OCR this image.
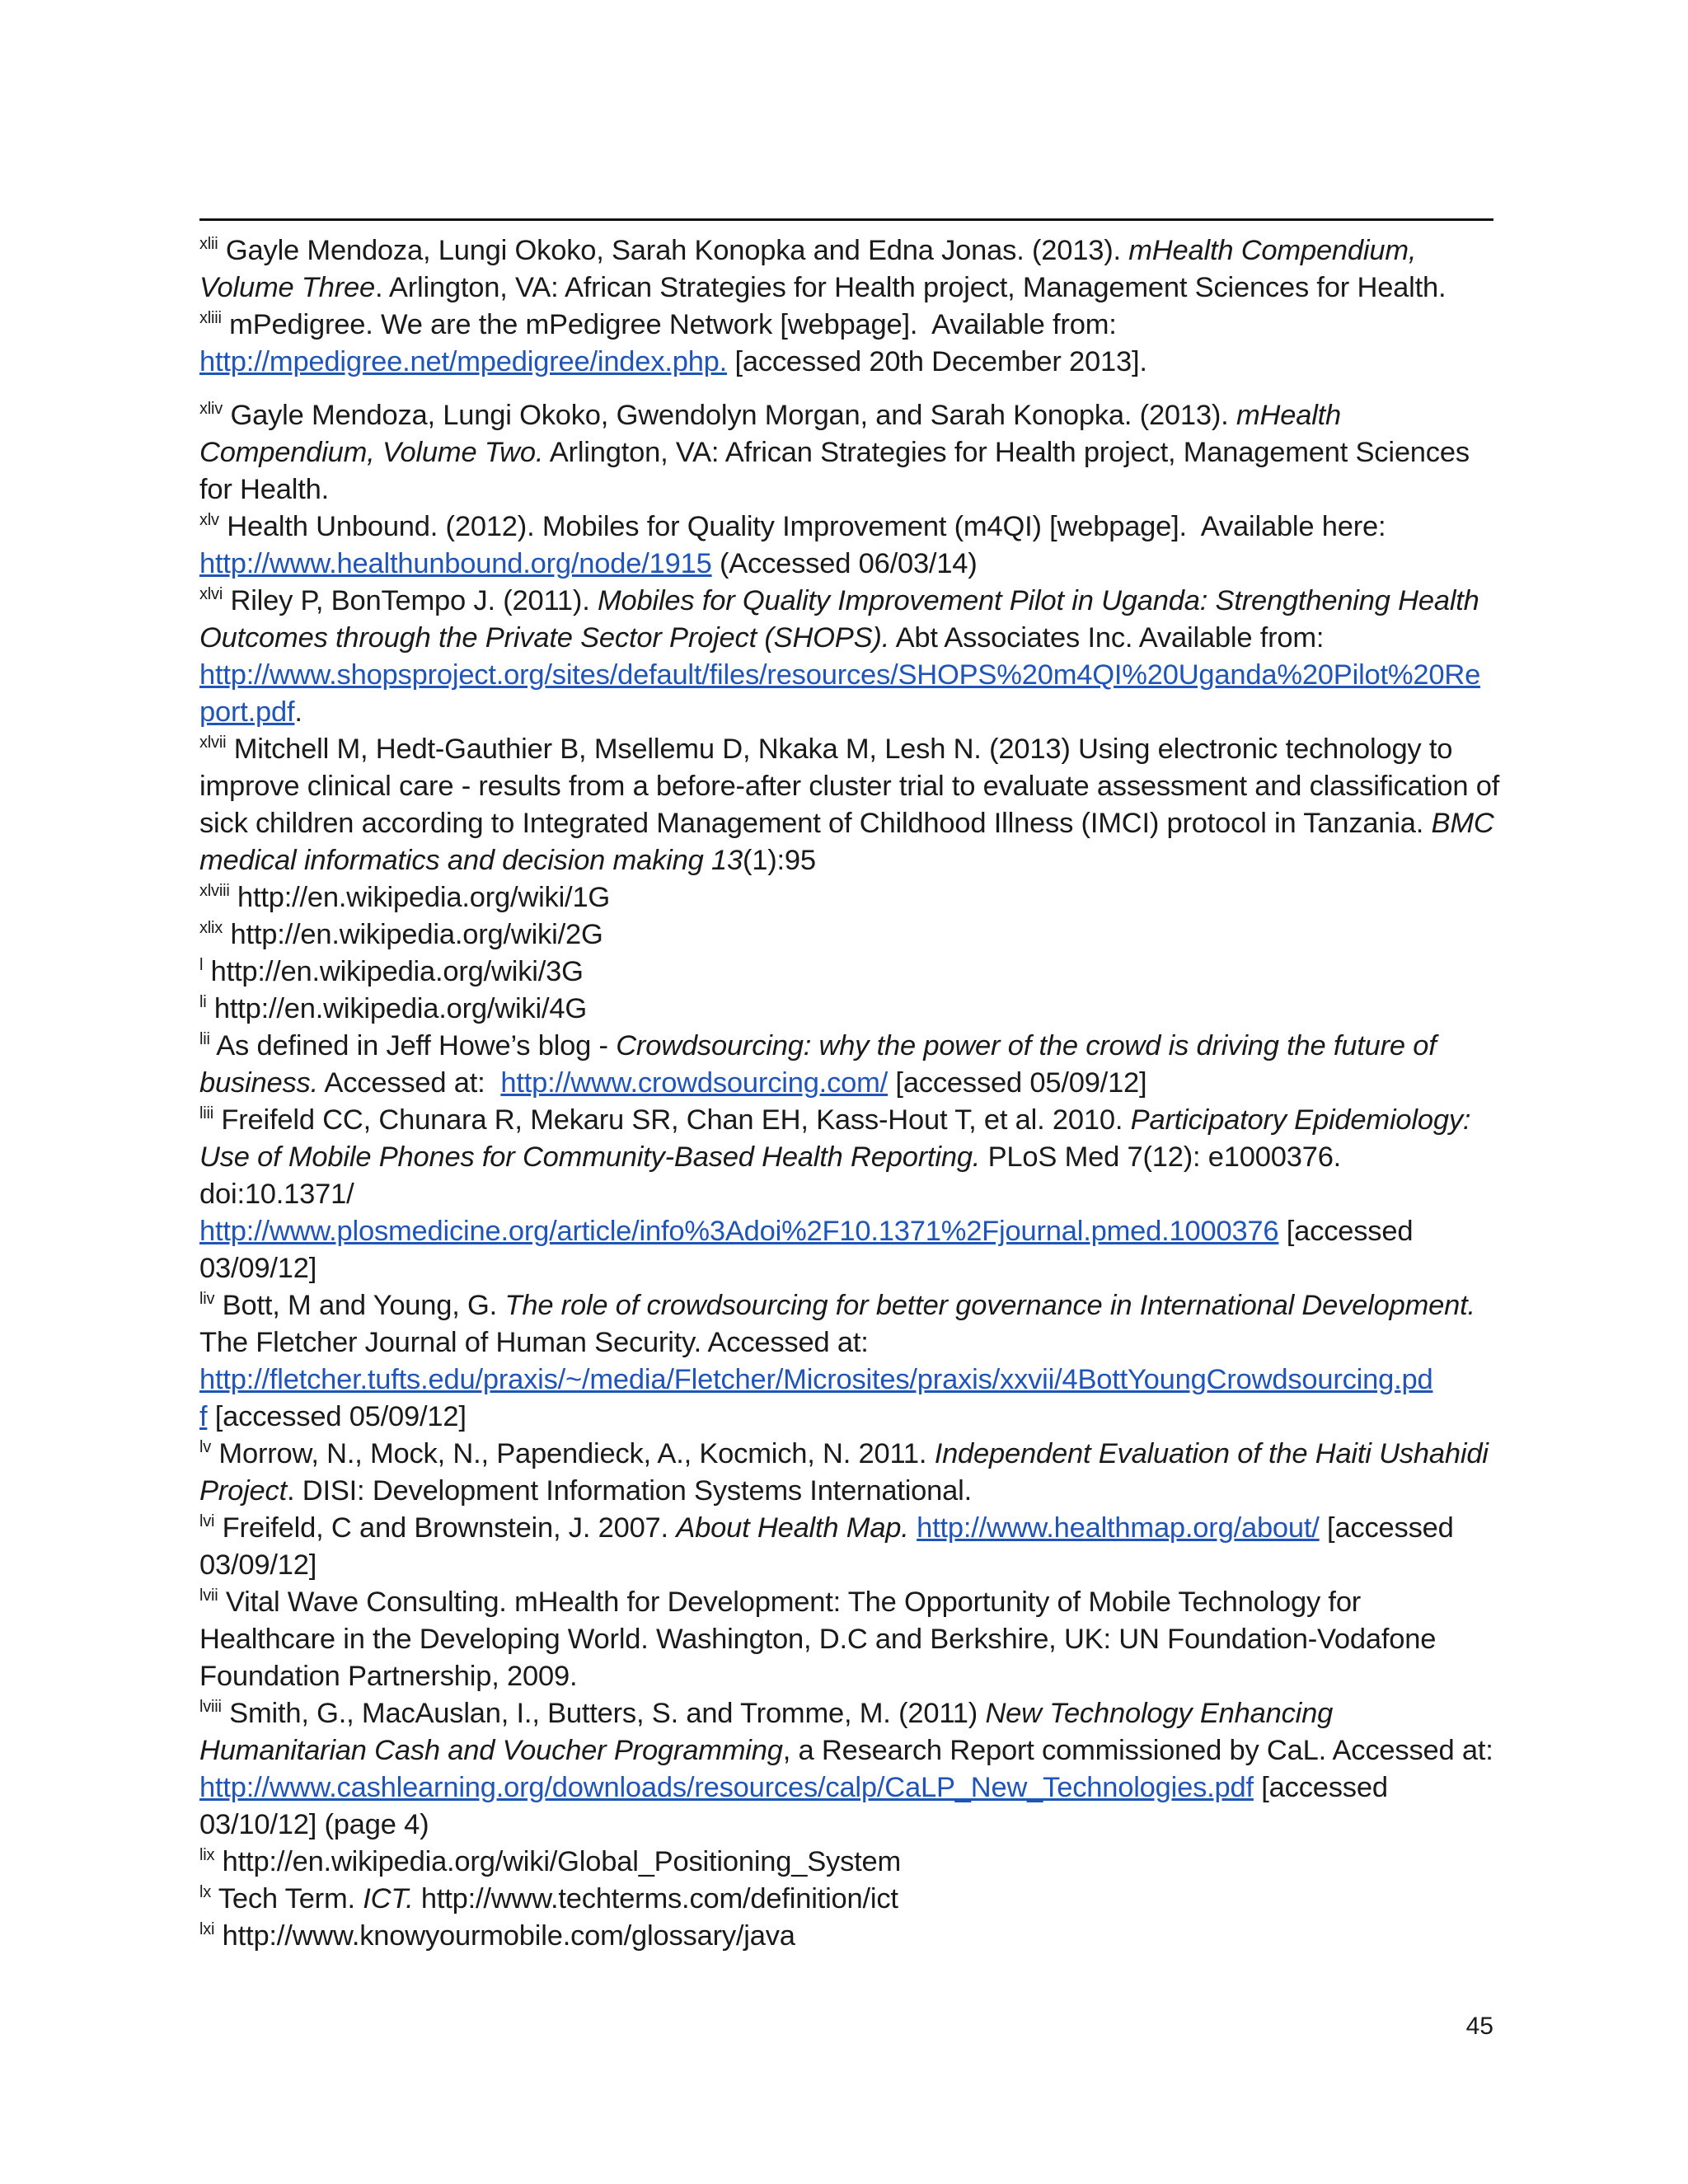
$^{xlii}$ Gayle Mendoza, Lungi Okoko, Sarah Konopka and Edna Jonas. (2013). mHealth Compendium, Volume Three. Arlington, VA: African Strategies for Health project, Management Sciences for Health.

$^{xliii}$ mPedigree. We are the mPedigree Network [webpage].  Available from:
http://mpedigree.net/mpedigree/index.php. [accessed 20th December 2013].

$^{xliv}$ Gayle Mendoza, Lungi Okoko, Gwendolyn Morgan, and Sarah Konopka. (2013). mHealth Compendium, Volume Two. Arlington, VA: African Strategies for Health project, Management Sciences for Health.

$^{xlv}$ Health Unbound. (2012). Mobiles for Quality Improvement (m4QI) [webpage].  Available here:
http://www.healthunbound.org/node/1915 (Accessed 06/03/14)

$^{xlvi}$ Riley P, BonTempo J. (2011). Mobiles for Quality Improvement Pilot in Uganda: Strengthening Health Outcomes through the Private Sector Project (SHOPS). Abt Associates Inc. Available from:
http://www.shopsproject.org/sites/default/files/resources/SHOPS%20m4QI%20Uganda%20Pilot%20Re
port.pdf.

$^{xlvii}$ Mitchell M, Hedt-Gauthier B, Msellemu D, Nkaka M, Lesh N. (2013) Using electronic technology to improve clinical care - results from a before-after cluster trial to evaluate assessment and classification of sick children according to Integrated Management of Childhood Illness (IMCI) protocol in Tanzania. BMC medical informatics and decision making 13(1):95

$^{xlviii}$ http://en.wikipedia.org/wiki/1G

$^{xlix}$ http://en.wikipedia.org/wiki/2G

$^l$ http://en.wikipedia.org/wiki/3G

$^{li}$ http://en.wikipedia.org/wiki/4G

$^{lii}$ As defined in Jeff Howe’s blog - Crowdsourcing: why the power of the crowd is driving the future of business. Accessed at:  http://www.crowdsourcing.com/ [accessed 05/09/12]

$^{liii}$ Freifeld CC, Chunara R, Mekaru SR, Chan EH, Kass-Hout T, et al. 2010. Participatory Epidemiology: Use of Mobile Phones for Community-Based Health Reporting. PLoS Med 7(12): e1000376. doi:10.1371/
http://www.plosmedicine.org/article/info%3Adoi%2F10.1371%2Fjournal.pmed.1000376 [accessed 03/09/12]

$^{liv}$ Bott, M and Young, G. The role of crowdsourcing for better governance in International Development. The Fletcher Journal of Human Security. Accessed at:
http://fletcher.tufts.edu/praxis/~/media/Fletcher/Microsites/praxis/xxvii/4BottYoungCrowdsourcing.pd
f [accessed 05/09/12]

$^{lv}$ Morrow, N., Mock, N., Papendieck, A., Kocmich, N. 2011. Independent Evaluation of the Haiti Ushahidi Project. DISI: Development Information Systems International.

$^{lvi}$ Freifeld, C and Brownstein, J. 2007. About Health Map. http://www.healthmap.org/about/ [accessed 03/09/12]

$^{lvii}$ Vital Wave Consulting. mHealth for Development: The Opportunity of Mobile Technology for Healthcare in the Developing World. Washington, D.C and Berkshire, UK: UN Foundation-Vodafone Foundation Partnership, 2009.

$^{lviii}$ Smith, G., MacAuslan, I., Butters, S. and Tromme, M. (2011) New Technology Enhancing Humanitarian Cash and Voucher Programming, a Research Report commissioned by CaL. Accessed at:
http://www.cashlearning.org/downloads/resources/calp/CaLP_New_Technologies.pdf [accessed 03/10/12] (page 4)

$^{lix}$ http://en.wikipedia.org/wiki/Global_Positioning_System

$^{lx}$ Tech Term. ICT. http://www.techterms.com/definition/ict

$^{lxi}$ http://www.knowyourmobile.com/glossary/java

45
